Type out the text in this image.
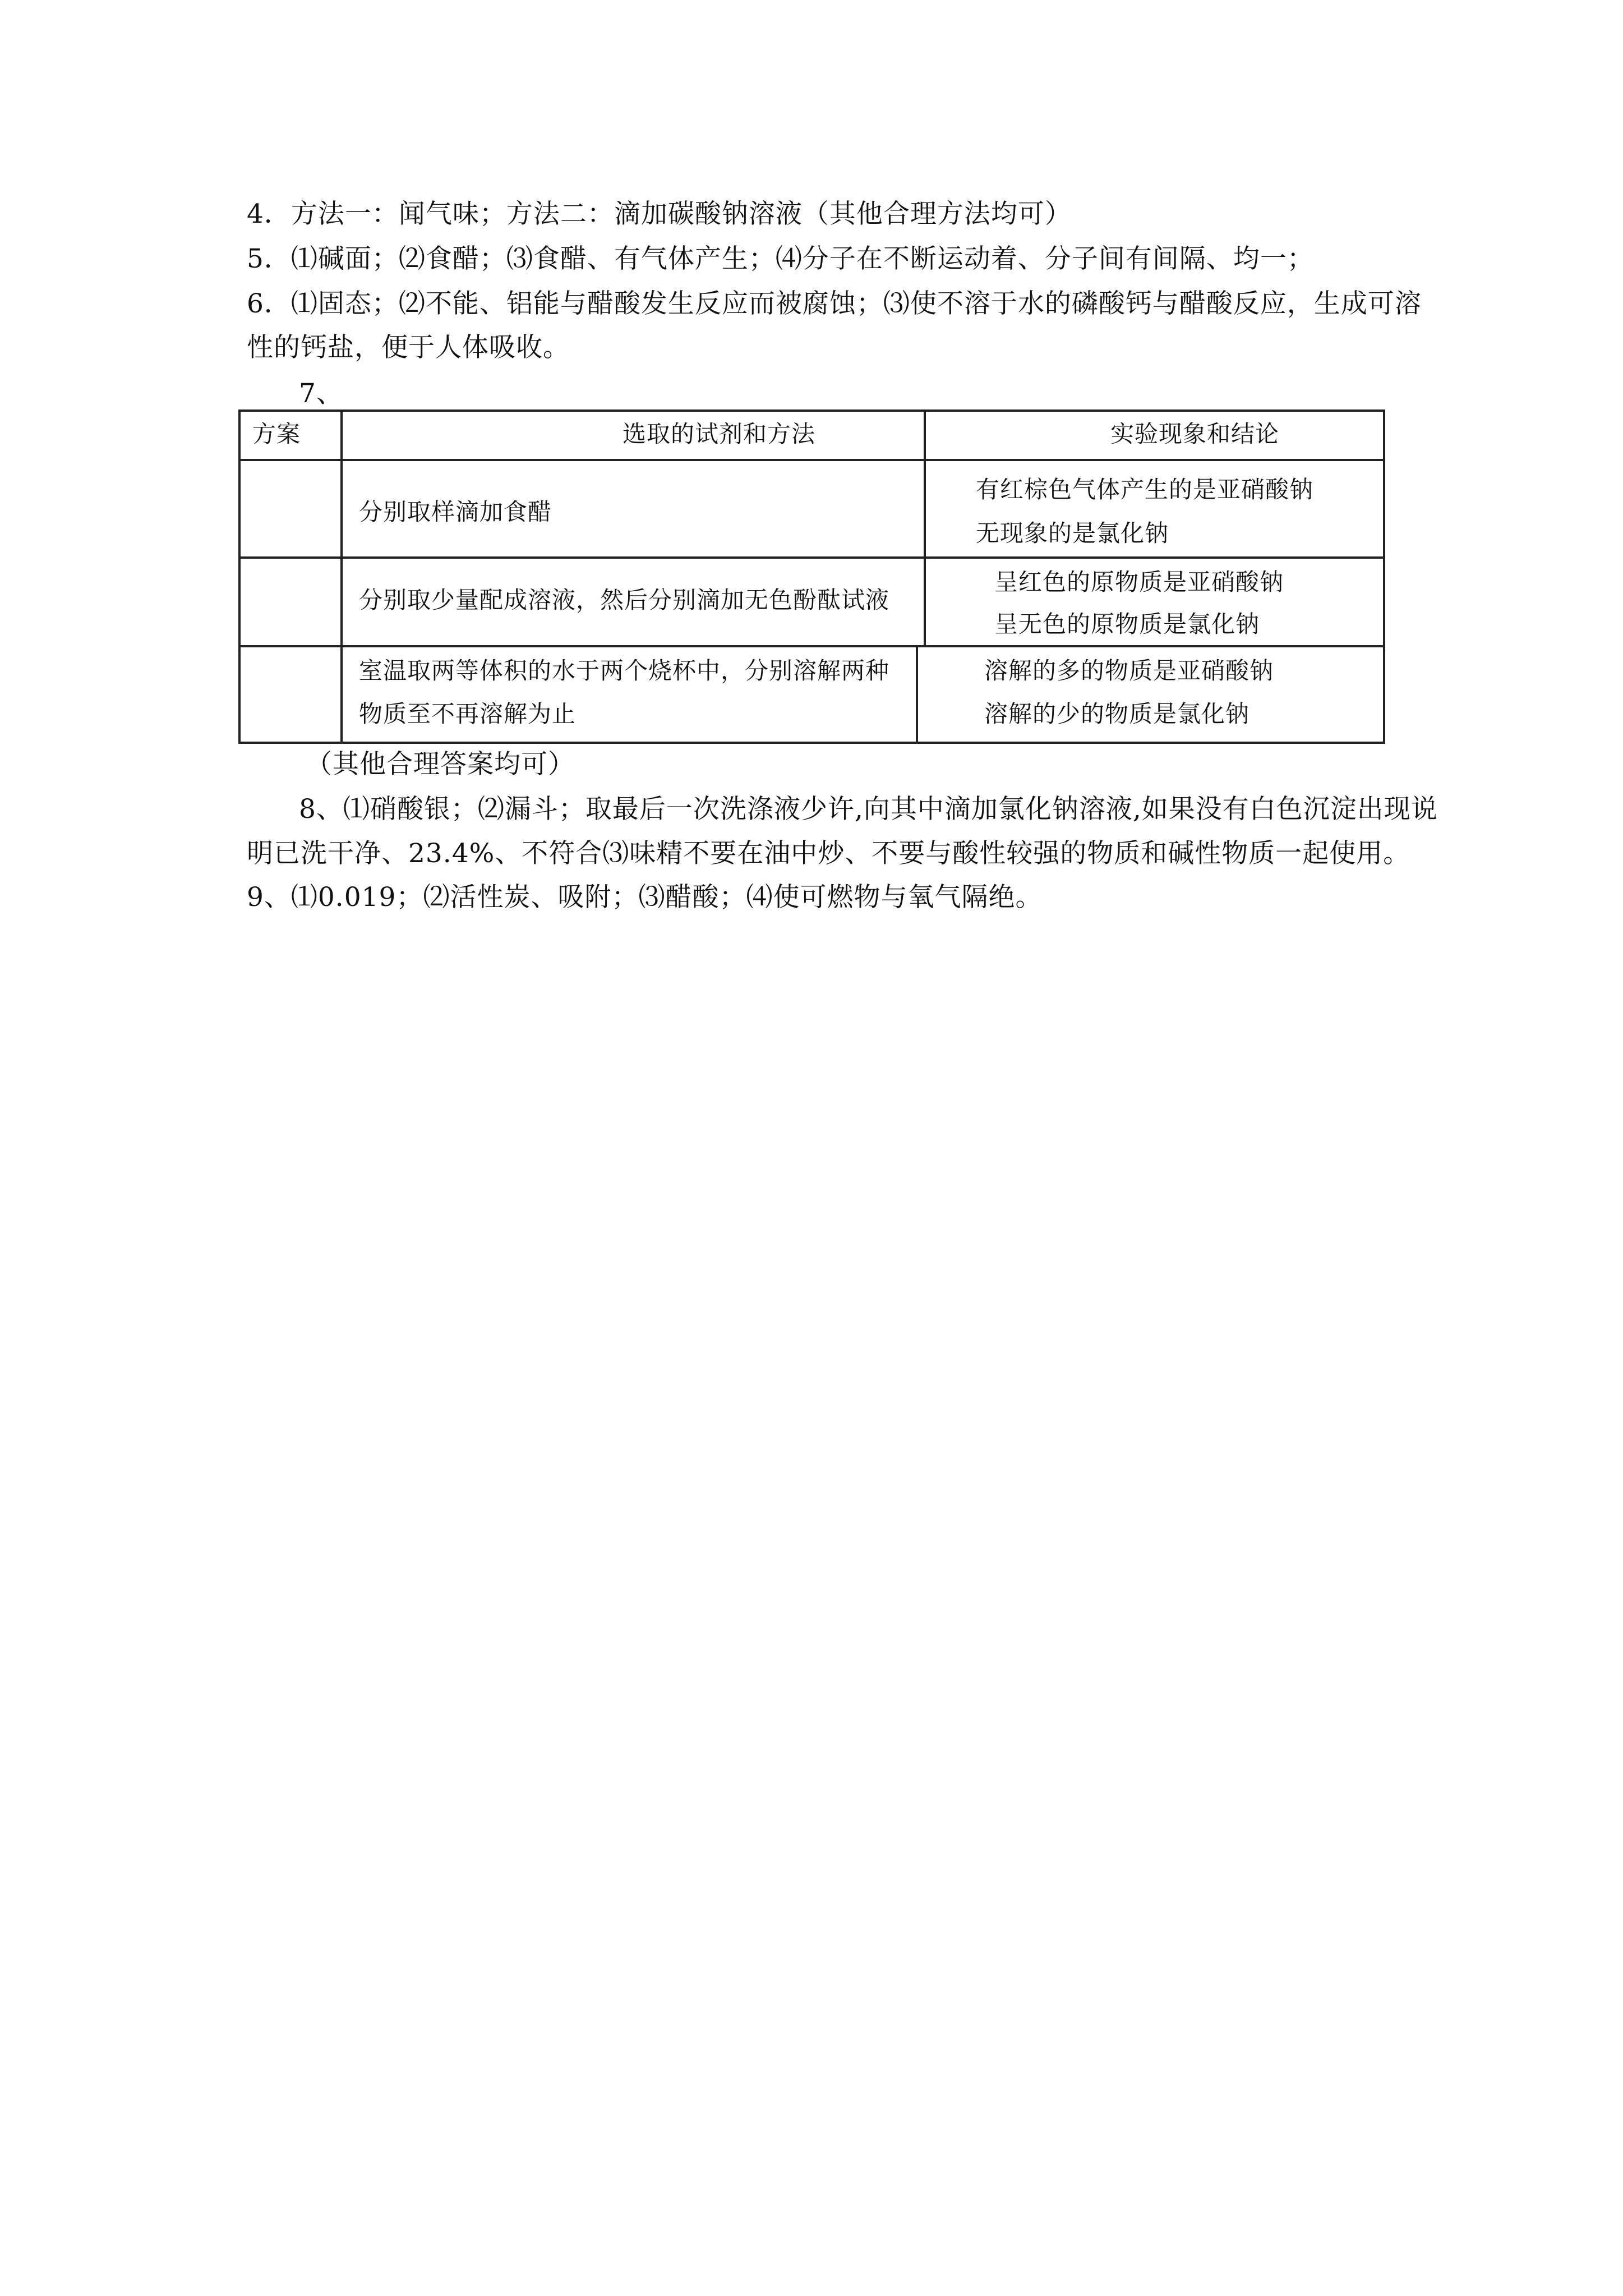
4．方法一：闻气味；方法二：滴加碳酸钠溶液（其他合理方法均可）
5．⑴碱面；⑵食醋；⑶食醋、有气体产生；⑷分子在不断运动着、分子间有间隔、均一；
6．⑴固态；⑵不能、铝能与醋酸发生反应而被腐蚀；⑶使不溶于水的磷酸钙与醋酸反应，生成可溶
性的钙盐，便于人体吸收。
7、
方案	选取的试剂和方法	实验现象和结论
分别取样滴加食醋
有红棕色气体产生的是亚硝酸钠
无现象的是氯化钠
分别取少量配成溶液，然后分别滴加无色酚酞试液
呈红色的原物质是亚硝酸钠
呈无色的原物质是氯化钠
室温取两等体积的水于两个烧杯中，分别溶解两种
物质至不再溶解为止
溶解的多的物质是亚硝酸钠
溶解的少的物质是氯化钠
（其他合理答案均可）
8、⑴硝酸银；⑵漏斗；取最后一次洗涤液少许,向其中滴加氯化钠溶液,如果没有白色沉淀出现说
明已洗干净、23.4%、不符合⑶味精不要在油中炒、不要与酸性较强的物质和碱性物质一起使用。
9、⑴0.019；⑵活性炭、吸附；⑶醋酸；⑷使可燃物与氧气隔绝。
